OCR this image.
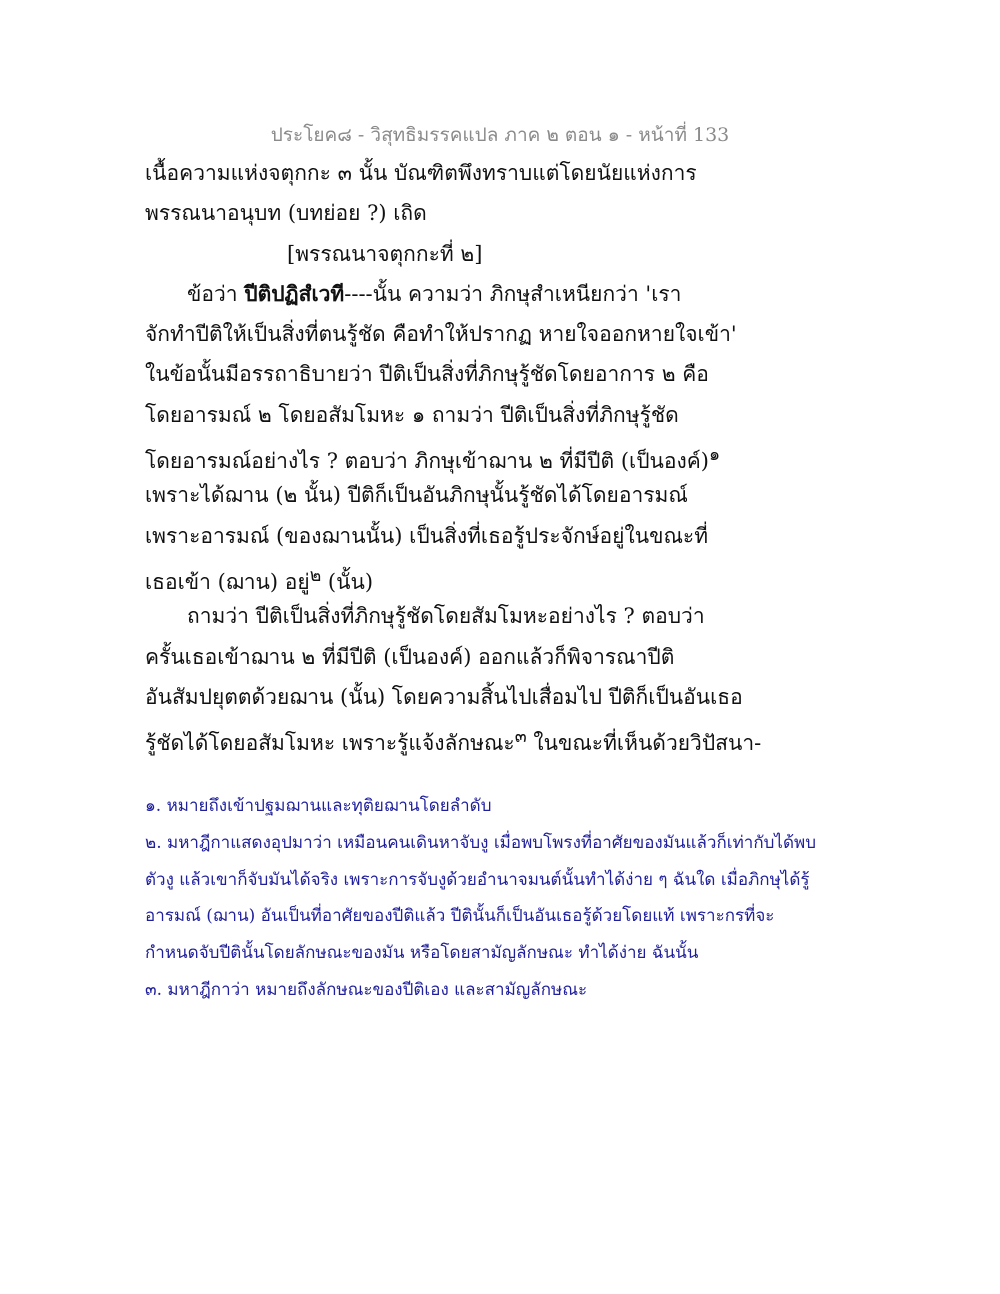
ประโยค๘ - วิสุทธิมรรคแปล ภาค ๒ ตอน ๑ - หน้าที่ 133
เนื้อความแห่งจตุกกะ ๓ นั้น บัณฑิตพึงทราบแต่โดยนัยแห่งการ
พรรณนาอนุบท (บทย่อย ?) เถิด
[พรรณนาจตุกกะที่ ๒]
ข้อว่า ปีติปฏิสํเวที----นั้น ความว่า ภิกษุสำเหนียกว่า 'เรา
จักทำปีติให้เป็นสิ่งที่ตนรู้ชัด คือทำให้ปรากฏ หายใจออกหายใจเข้า'
ในข้อนั้นมีอรรถาธิบายว่า ปีติเป็นสิ่งที่ภิกษุรู้ชัดโดยอาการ ๒ คือ
โดยอารมณ์ ๒ โดยอสัมโมหะ ๑ ถามว่า ปีติเป็นสิ่งที่ภิกษุรู้ชัด
โดยอารมณ์อย่างไร ? ตอบว่า ภิกษุเข้าฌาน ๒ ที่มีปีติ (เป็นองค์)$^๑$
เพราะได้ฌาน (๒ นั้น) ปีติก็เป็นอันภิกษุนั้นรู้ชัดได้โดยอารมณ์
เพราะอารมณ์ (ของฌานนั้น) เป็นสิ่งที่เธอรู้ประจักษ์อยู่ในขณะที่
เธอเข้า (ฌาน) อยู่$^๒$ (นั้น)
ถามว่า ปีติเป็นสิ่งที่ภิกษุรู้ชัดโดยสัมโมหะอย่างไร ? ตอบว่า
ครั้นเธอเข้าฌาน ๒ ที่มีปีติ (เป็นองค์) ออกแล้วก็พิจารณาปีติ
อันสัมปยุตตด้วยฌาน (นั้น) โดยความสิ้นไปเสื่อมไป ปีติก็เป็นอันเธอ
รู้ชัดได้โดยอสัมโมหะ เพราะรู้แจ้งลักษณะ$^๓$ ในขณะที่เห็นด้วยวิปัสนา-
๑. หมายถึงเข้าปฐมฌานและทุติยฌานโดยลำดับ
๒. มหาฎีกาแสดงอุปมาว่า เหมือนคนเดินหาจับงู เมื่อพบโพรงที่อาศัยของมันแล้วก็เท่ากับได้พบ
ตัวงู แล้วเขาก็จับมันได้จริง เพราะการจับงูด้วยอำนาจมนต์นั้นทำได้ง่าย ๆ ฉันใด เมื่อภิกษุได้รู้
อารมณ์ (ฌาน) อันเป็นที่อาศัยของปีติแล้ว ปีตินั้นก็เป็นอันเธอรู้ด้วยโดยแท้ เพราะกรที่จะ
กำหนดจับปีตินั้นโดยลักษณะของมัน หรือโดยสามัญลักษณะ ทำได้ง่าย ฉันนั้น
๓. มหาฎีกาว่า หมายถึงลักษณะของปีติเอง และสามัญลักษณะ
